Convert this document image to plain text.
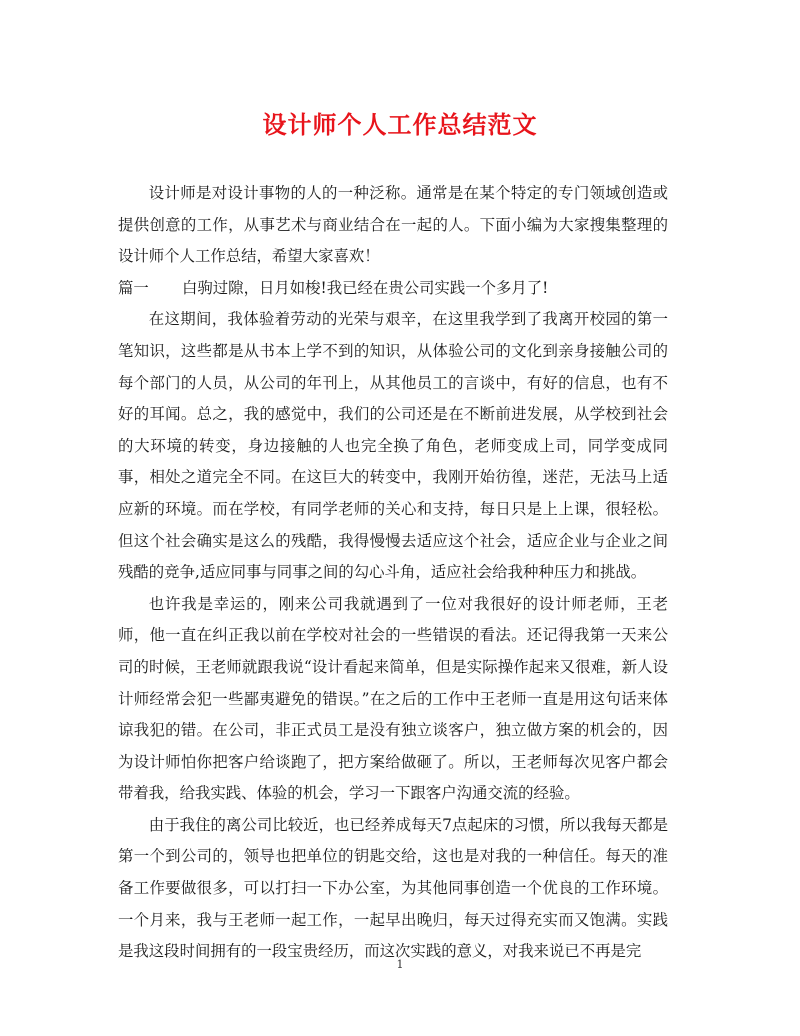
设计师个人工作总结范文

设计师是对设计事物的人的一种泛称。通常是在某个特定的专门领域创造或提供创意的工作，从事艺术与商业结合在一起的人。下面小编为大家搜集整理的设计师个人工作总结，希望大家喜欢！

篇一 白驹过隙，日月如梭!我已经在贵公司实践一个多月了!

在这期间，我体验着劳动的光荣与艰辛，在这里我学到了我离开校园的第一笔知识，这些都是从书本上学不到的知识，从体验公司的文化到亲身接触公司的每个部门的人员，从公司的年刊上，从其他员工的言谈中，有好的信息，也有不好的耳闻。总之，我的感觉中，我们的公司还是在不断前进发展，从学校到社会的大环境的转变，身边接触的人也完全换了角色，老师变成上司，同学变成同事，相处之道完全不同。在这巨大的转变中，我刚开始彷徨，迷茫，无法马上适应新的环境。而在学校，有同学老师的关心和支持，每日只是上上课，很轻松。但这个社会确实是这么的残酷，我得慢慢去适应这个社会，适应企业与企业之间残酷的竞争,适应同事与同事之间的勾心斗角，适应社会给我种种压力和挑战。

也许我是幸运的，刚来公司我就遇到了一位对我很好的设计师老师，王老师，他一直在纠正我以前在学校对社会的一些错误的看法。还记得我第一天来公司的时候，王老师就跟我说“设计看起来简单，但是实际操作起来又很难，新人设计师经常会犯一些鄙夷避免的错误。”在之后的工作中王老师一直是用这句话来体谅我犯的错。在公司，非正式员工是没有独立谈客户，独立做方案的机会的，因为设计师怕你把客户给谈跑了，把方案给做砸了。所以，王老师每次见客户都会带着我，给我实践、体验的机会，学习一下跟客户沟通交流的经验。

由于我住的离公司比较近，也已经养成每天7点起床的习惯，所以我每天都是第一个到公司的，领导也把单位的钥匙交给，这也是对我的一种信任。每天的准备工作要做很多，可以打扫一下办公室，为其他同事创造一个优良的工作环境。一个月来，我与王老师一起工作，一起早出晚归，每天过得充实而又饱满。实践是我这段时间拥有的一段宝贵经历，而这次实践的意义，对我来说已不再是完

1
